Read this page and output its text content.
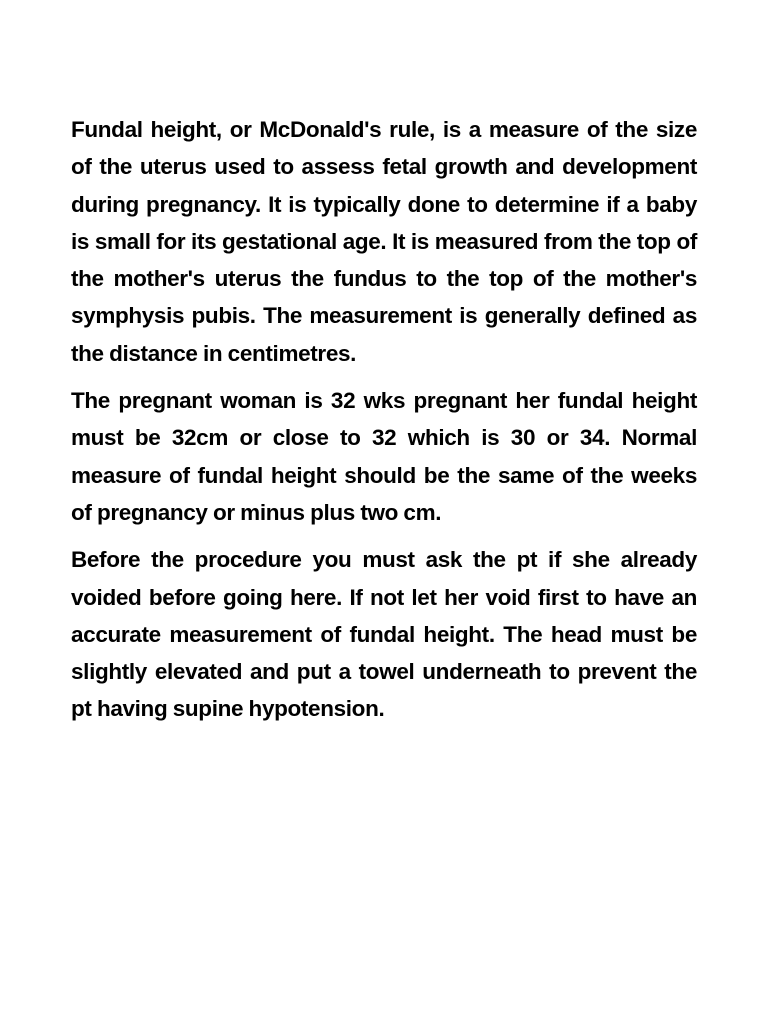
Fundal height, or McDonald's rule, is a measure of the size of the uterus used to assess fetal growth and development during pregnancy. It is typically done to determine if a baby is small for its gestational age. It is measured from the top of the mother's uterus the fundus to the top of the mother's symphysis pubis. The measurement is generally defined as the distance in centimetres.

The pregnant woman is 32 wks pregnant her fundal height must be 32cm or close to 32 which is 30 or 34. Normal measure of fundal height should be the same of the weeks of pregnancy or minus plus two cm.

Before the procedure you must ask the pt if she already voided before going here. If not let her void first to have an accurate measurement of fundal height. The head must be slightly elevated and put a towel underneath to prevent the pt having supine hypotension.
